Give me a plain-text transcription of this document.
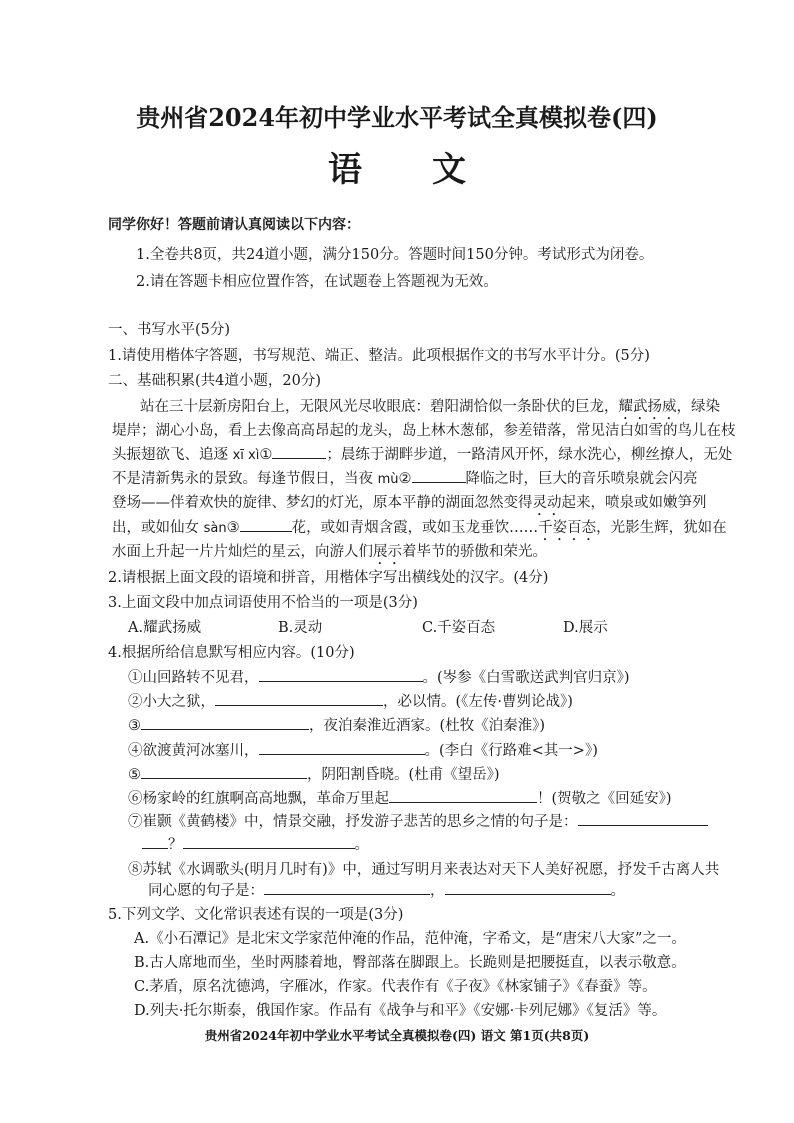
贵州省2024年初中学业水平考试全真模拟卷(四)
语 文
同学你好！答题前请认真阅读以下内容：
1.全卷共8页，共24道小题，满分150分。答题时间150分钟。考试形式为闭卷。
2.请在答题卡相应位置作答，在试题卷上答题视为无效。
一、书写水平(5分)
1.请使用楷体字答题，书写规范、端正、整洁。此项根据作文的书写水平计分。(5分)
二、基础积累(共4道小题，20分)
站在三十层新房阳台上，无限风光尽收眼底：碧阳湖恰似一条卧伏的巨龙，耀武扬威，绿染
堤岸；湖心小岛，看上去像高高昂起的龙头，岛上林木葱郁，参差错落，常见洁白如雪的鸟儿在枝
头振翅欲飞、追逐 xī xì①	；晨练于湖畔步道，一路清风开怀，绿水洗心，柳丝撩人，无处
不是清新隽永的景致。每逢节假日，当夜 mù②	降临之时，巨大的音乐喷泉就会闪亮
登场——伴着欢快的旋律、梦幻的灯光，原本平静的湖面忽然变得灵动起来，喷泉或如嫩笋列
出，或如仙女 sàn③	花，或如青烟含霞，或如玉龙垂饮……千姿百态，光影生辉，犹如在
水面上升起一片片灿烂的星云，向游人们展示着毕节的骄傲和荣光。
2.请根据上面文段的语境和拼音，用楷体字写出横线处的汉字。(4分)
3.上面文段中加点词语使用不恰当的一项是(3分)
A.耀武扬威	B.灵动	C.千姿百态	D.展示
4.根据所给信息默写相应内容。(10分)
①山回路转不见君，	。(岑参《白雪歌送武判官归京》)
②小大之狱，	，必以情。(《左传·曹刿论战》)
③	，夜泊秦淮近酒家。(杜牧《泊秦淮》)
④欲渡黄河冰塞川，	。(李白《行路难<其一>》)
⑤	，阴阳割昏晓。(杜甫《望岳》)
⑥杨家岭的红旗啊高高地飘，革命万里起	！(贺敬之《回延安》)
⑦崔颢《黄鹤楼》中，情景交融，抒发游子悲苦的思乡之情的句子是：
？	。
⑧苏轼《水调歌头(明月几时有)》中，通过写明月来表达对天下人美好祝愿，抒发千古离人共
同心愿的句子是：	，	。
5.下列文学、文化常识表述有误的一项是(3分)
A.《小石潭记》是北宋文学家范仲淹的作品，范仲淹，字希文，是“唐宋八大家”之一。
B.古人席地而坐，坐时两膝着地，臀部落在脚跟上。长跪则是把腰挺直，以表示敬意。
C.茅盾，原名沈德鸿，字雁冰，作家。代表作有《子夜》《林家铺子》《春蚕》等。
D.列夫·托尔斯泰，俄国作家。作品有《战争与和平》《安娜·卡列尼娜》《复活》等。
贵州省2024年初中学业水平考试全真模拟卷(四) 语文 第1页(共8页)
